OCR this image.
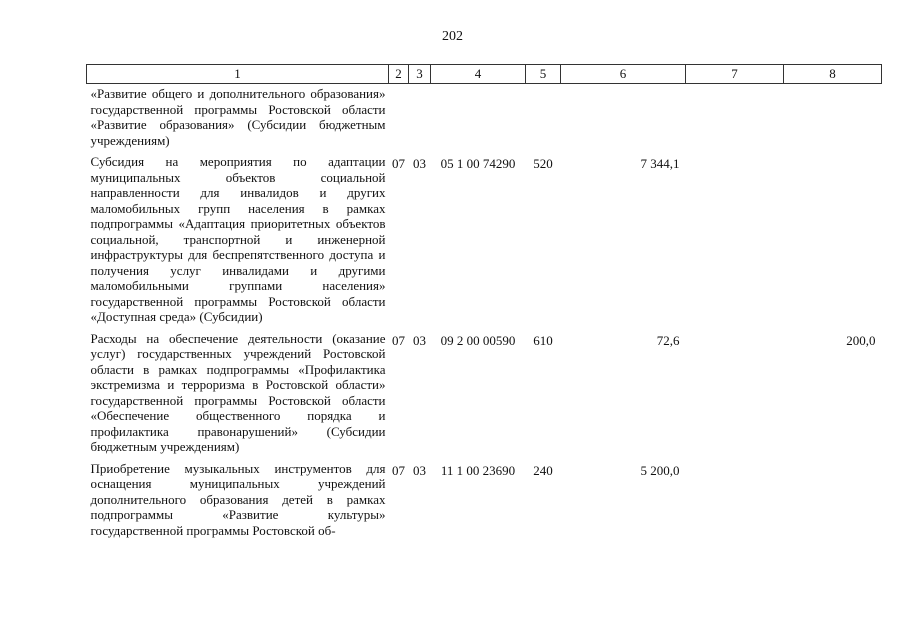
202
1	2	3	4	5	6	7	8
«Развитие общего и дополнительного образования» государственной программы Ростовской области «Развитие образования» (Субсидии бюджетным учреждениям)							
Субсидия на мероприятия по адаптации муниципальных объектов социальной направленности для инвалидов и других маломобильных групп населения в рамках подпрограммы «Адаптация приоритетных объектов социальной, транспортной и инженерной инфраструктуры для беспрепятственного доступа и получения услуг инвалидами и другими маломобильными группами населения» государственной программы Ростовской области «Доступная среда» (Субсидии)	07	03	05 1 00 74290	520	7 344,1		
Расходы на обеспечение деятельности (оказание услуг) государственных учреждений Ростовской области в рамках подпрограммы «Профилактика экстремизма и терроризма в Ростовской области» государственной программы Ростовской области «Обеспечение общественного порядка и профилактика правонарушений» (Субсидии бюджетным учреждениям)	07	03	09 2 00 00590	610	72,6		200,0
Приобретение музыкальных инструментов для оснащения муниципальных учреждений дополнительного образования детей в рамках подпрограммы «Развитие культуры» государственной программы Ростовской об-	07	03	11 1 00 23690	240	5 200,0		
